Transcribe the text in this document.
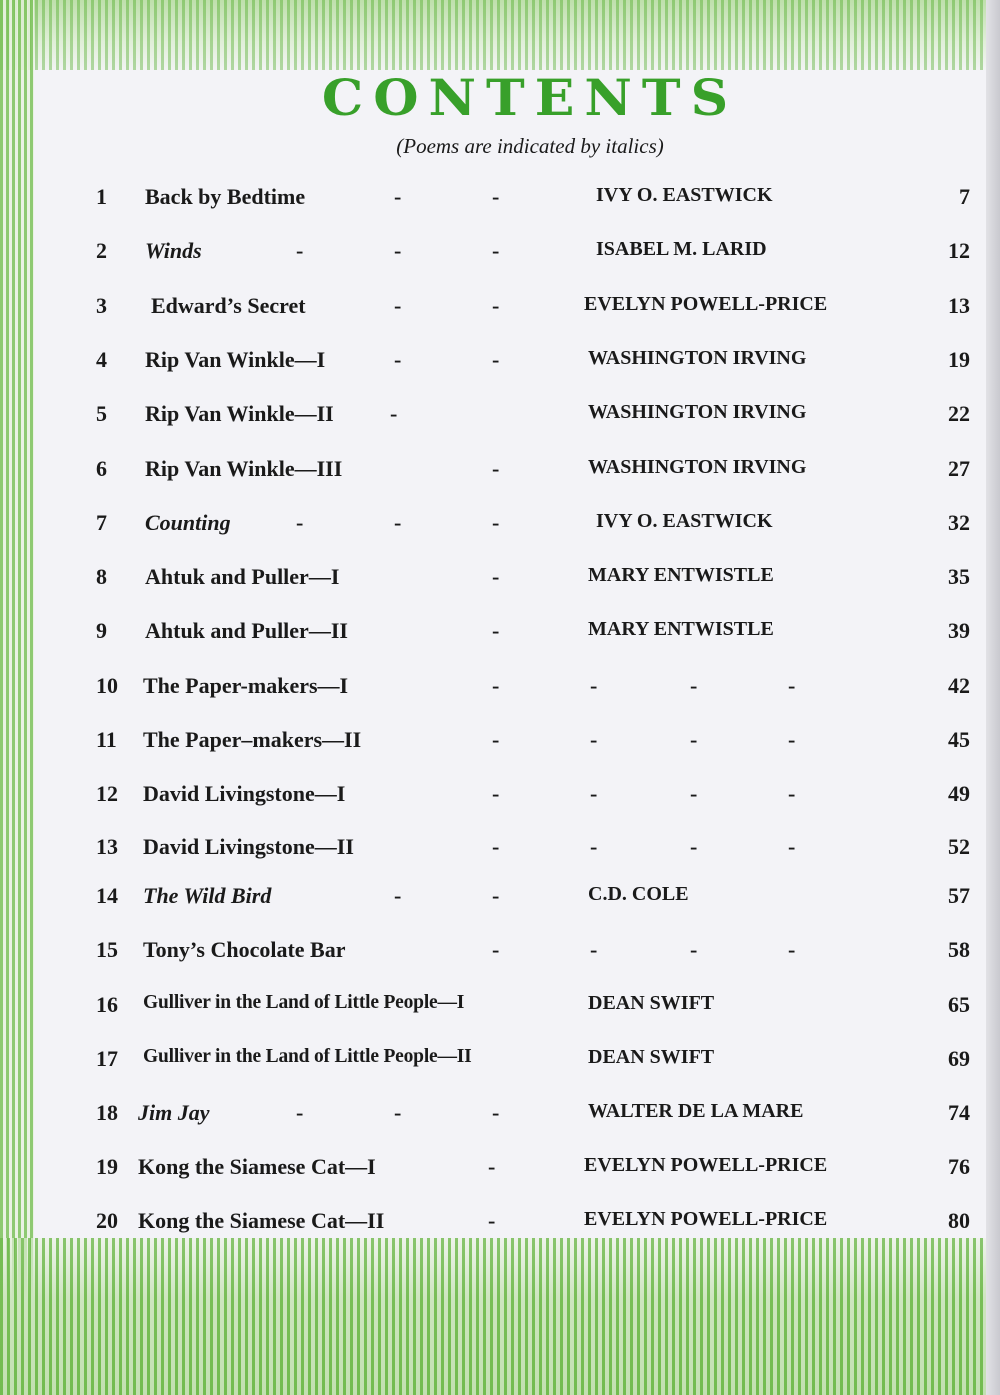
CONTENTS
(Poems are indicated by italics)
1 Back by Bedtime	-	-	IVY O. EASTWICK	7
2 Winds	-	-	-	ISABEL M. LARID	12
3 Edward’s Secret	-	-	EVELYN POWELL-PRICE	13
4 Rip Van Winkle—I	-	-	WASHINGTON IRVING	19
5 Rip Van Winkle—II	-	WASHINGTON IRVING	22
6 Rip Van Winkle—III	-	WASHINGTON IRVING	27
7 Counting	-	-	-	IVY O. EASTWICK	32
8 Ahtuk and Puller—I	-	MARY ENTWISTLE	35
9 Ahtuk and Puller—II	-	MARY ENTWISTLE	39
10 The Paper-makers—I	-	-	-	-	42
11 The Paper–makers—II	-	-	-	-	45
12 David Livingstone—I	-	-	-	-	49
13 David Livingstone—II	-	-	-	-	52
14 The Wild Bird	-	-	C.D. COLE	57
15 Tony’s Chocolate Bar	-	-	-	-	58
16 Gulliver in the Land of Little People—I	DEAN SWIFT	65
17 Gulliver in the Land of Little People—II	DEAN SWIFT	69
18 Jim Jay	-	-	-	WALTER DE LA MARE	74
19 Kong the Siamese Cat—I	-	EVELYN POWELL-PRICE	76
20 Kong the Siamese Cat—II	-	EVELYN POWELL-PRICE	80
